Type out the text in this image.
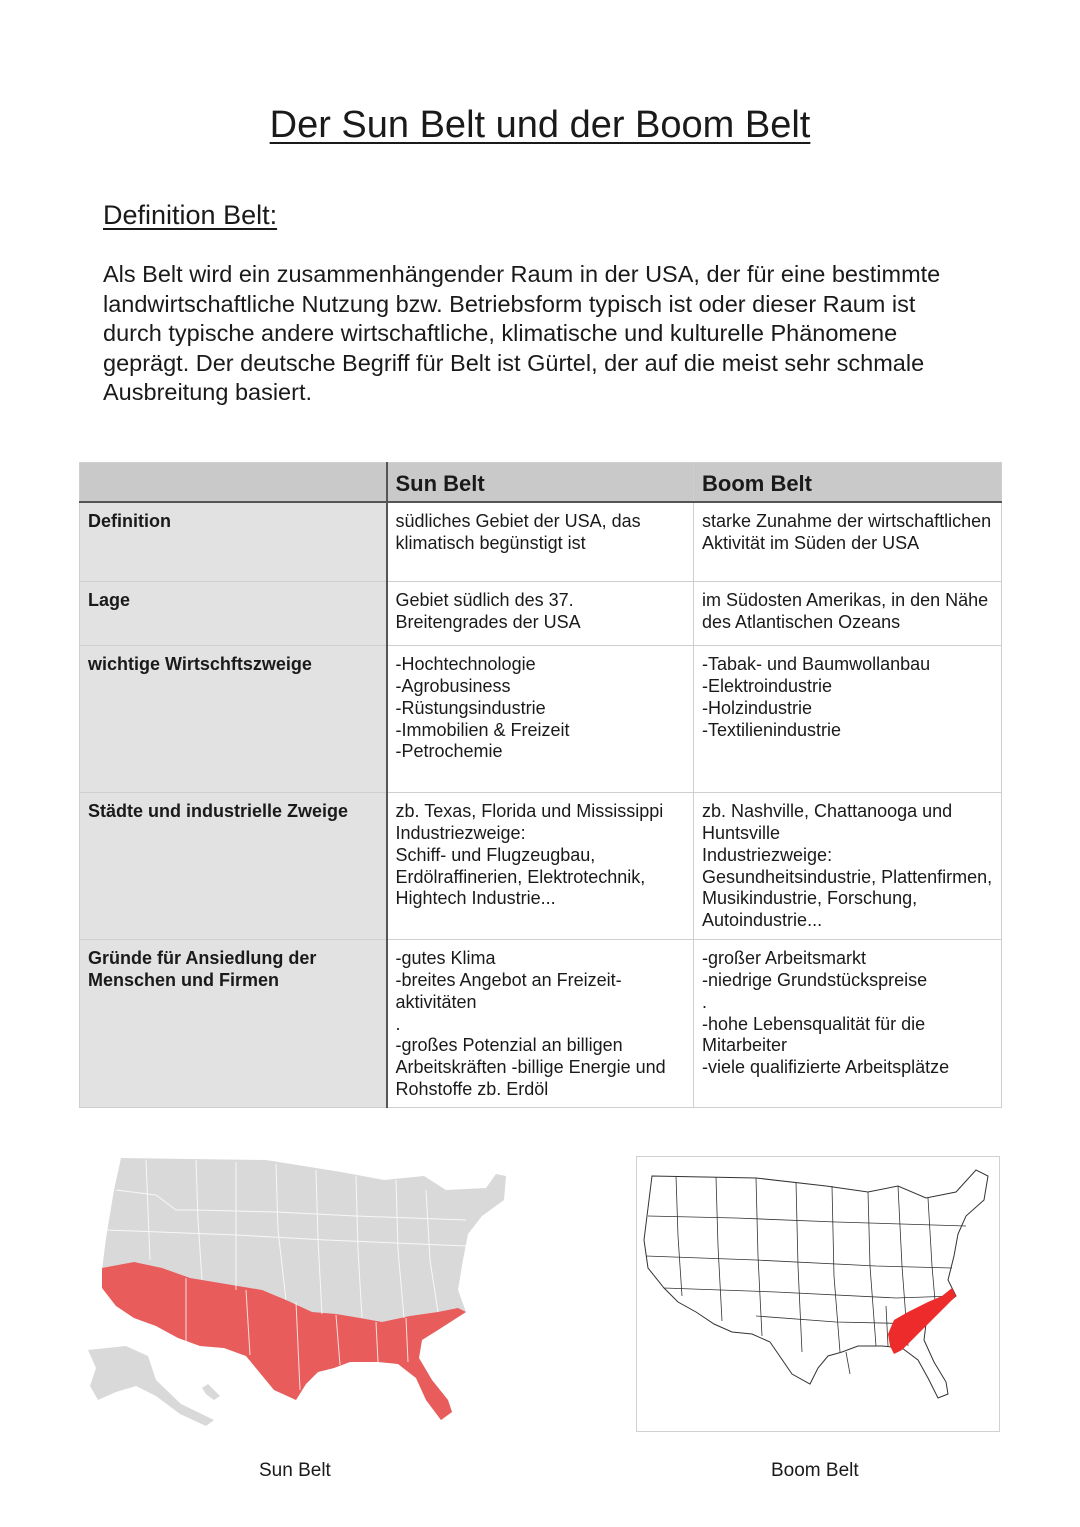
Der Sun Belt und der Boom Belt
Definition Belt:
Als Belt wird ein zusammenhängender Raum in der USA, der für eine bestimmte landwirtschaftliche Nutzung bzw. Betriebsform typisch ist oder dieser Raum ist durch typische andere wirtschaftliche, klimatische und kulturelle Phänomene geprägt. Der deutsche Begriff für Belt ist Gürtel, der auf die meist sehr schmale Ausbreitung basiert.
	Sun Belt	Boom Belt
Definition	südliches Gebiet der USA, das klimatisch begünstigt ist	starke Zunahme der wirtschaftlichen Aktivität im Süden der USA
Lage	Gebiet südlich des 37. Breitengrades der USA	im Südosten Amerikas, in den Nähe des Atlantischen Ozeans
wichtige Wirtschftszweige	-Hochtechnologie
-Agrobusiness
-Rüstungsindustrie
-Immobilien & Freizeit
-Petrochemie	-Tabak- und Baumwollanbau
-Elektroindustrie
-Holzindustrie
-Textilienindustrie
Städte und industrielle Zweige	zb. Texas, Florida und Mississippi
Industriezweige:
Schiff- und Flugzeugbau, Erdölraffinerien, Elektrotechnik, Hightech Industrie...	zb. Nashville, Chattanooga und Huntsville
Industriezweige:
Gesundheitsindustrie, Plattenfirmen, Musikindustrie, Forschung, Autoindustrie...
Gründe für Ansiedlung der Menschen und Firmen	-gutes Klima
-breites Angebot an Freizeit-aktivitäten
.
-großes Potenzial an billigen Arbeitskräften -billige Energie und Rohstoffe zb. Erdöl	-großer Arbeitsmarkt
-niedrige Grundstückspreise
.
-hohe Lebensqualität für die Mitarbeiter
-viele qualifizierte Arbeitsplätze
Sun Belt	Boom Belt
